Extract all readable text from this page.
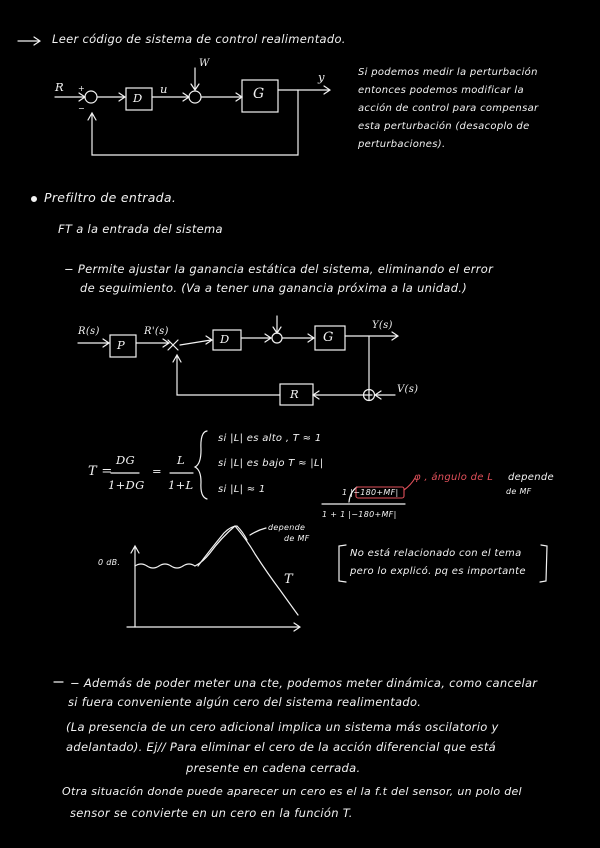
Leer código de sistema de control realimentado.
Si podemos medir la perturbación
entonces podemos modificar la
acción de control para compensar
esta perturbación (desacoplo de
perturbaciones).
R +
−
D
u
W
G
y
Prefiltro de entrada.
FT a la entrada del sistema
− Permite ajustar la ganancia estática del sistema, eliminando el error
de seguimiento. (Va a tener una ganancia próxima a la unidad.)
R(s)
P
R'(s)
D	G
Y(s)
R	V(s)
T =
DG
1+DG
=
L
1+L
si |L| es alto , T ≈ 1
si |L| es bajo T ≈ |L|
si |L| ≈ 1	1 |−180+MF|
1 + 1 |−180+MF|
φ , ángulo de L depende
de MF
0 dB.
depende
de MF
T
No está relacionado con el tema
pero lo explicó. pq es importante
− Además de poder meter una cte, podemos meter dinámica, como cancelar
si fuera conveniente algún cero del sistema realimentado.
(La presencia de un cero adicional implica un sistema más oscilatorio y
adelantado). Ej// Para eliminar el cero de la acción diferencial que está
presente en cadena cerrada.
Otra situación donde puede aparecer un cero es el la f.t del sensor, un polo del
sensor se convierte en un cero en la función T.
